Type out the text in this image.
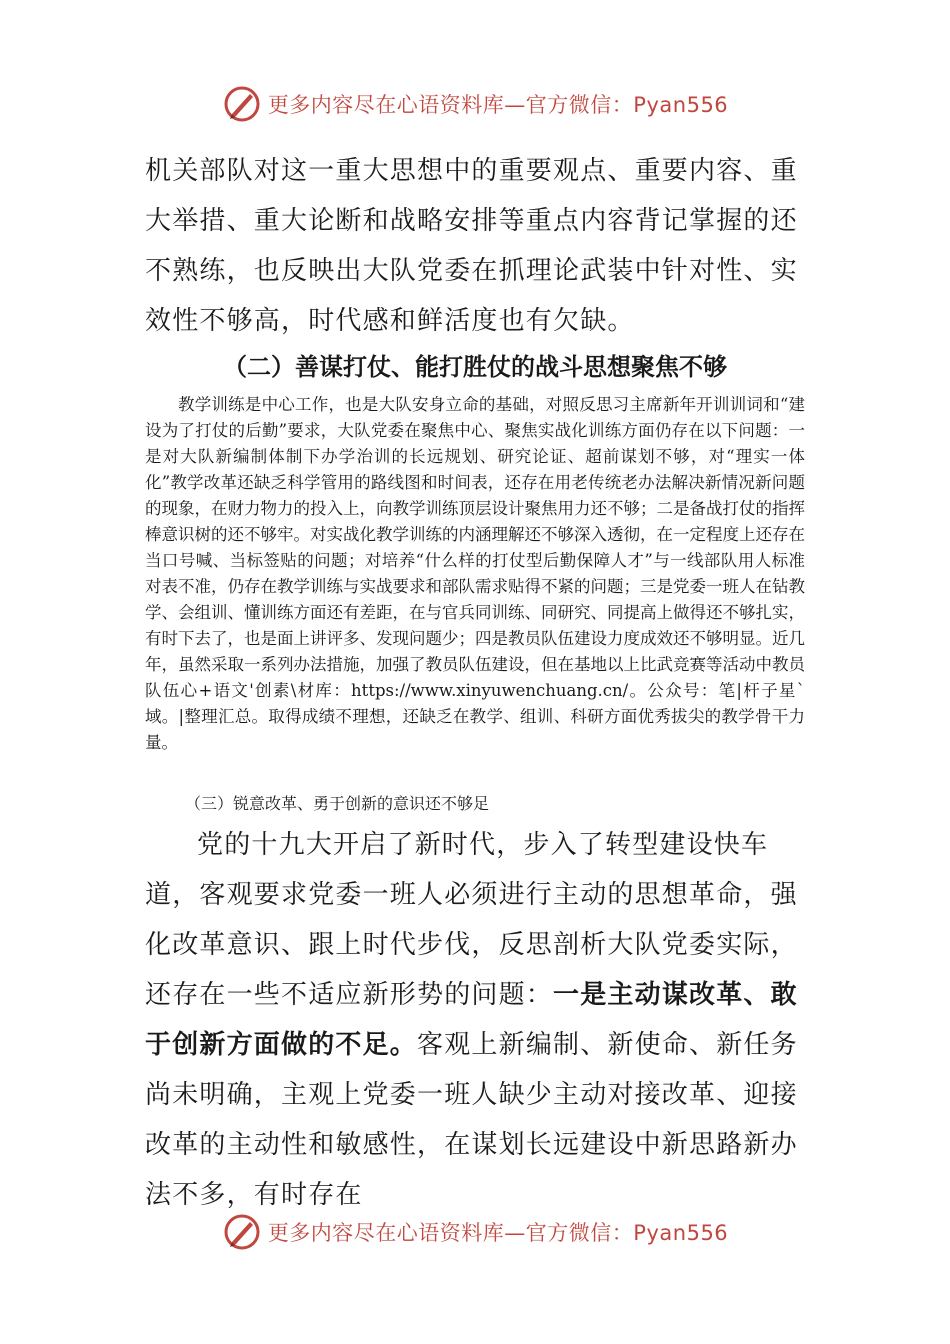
更多内容尽在心语资料库—官方微信：Pyan556

机关部队对这一重大思想中的重要观点、重要内容、重大举措、重大论断和战略安排等重点内容背记掌握的还不熟练，也反映出大队党委在抓理论武装中针对性、实效性不够高，时代感和鲜活度也有欠缺。

（二）善谋打仗、能打胜仗的战斗思想聚焦不够

教学训练是中心工作，也是大队安身立命的基础，对照反思习主席新年开训训词和“建设为了打仗的后勤”要求，大队党委在聚焦中心、聚焦实战化训练方面仍存在以下问题：一是对大队新编制体制下办学治训的长远规划、研究论证、超前谋划不够，对“理实一体化”教学改革还缺乏科学管用的路线图和时间表，还存在用老传统老办法解决新情况新问题的现象，在财力物力的投入上，向教学训练顶层设计聚焦用力还不够；二是备战打仗的指挥棒意识树的还不够牢。对实战化教学训练的内涵理解还不够深入透彻，在一定程度上还存在当口号喊、当标签贴的问题；对培养“什么样的打仗型后勤保障人才”与一线部队用人标准对表不准，仍存在教学训练与实战要求和部队需求贴得不紧的问题；三是党委一班人在钻教学、会组训、懂训练方面还有差距，在与官兵同训练、同研究、同提高上做得还不够扎实，有时下去了，也是面上讲评多、发现问题少；四是教员队伍建设力度成效还不够明显。近几年，虽然采取一系列办法措施，加强了教员队伍建设，但在基地以上比武竞赛等活动中教员队伍心+语文'创素\材库：https://www.xinyuwenchuang.cn/。公众号：笔|杆子星`域。|整理汇总。取得成绩不理想，还缺乏在教学、组训、科研方面优秀拔尖的教学骨干力量。

（三）锐意改革、勇于创新的意识还不够足

党的十九大开启了新时代，步入了转型建设快车道，客观要求党委一班人必须进行主动的思想革命，强化改革意识、跟上时代步伐，反思剖析大队党委实际，还存在一些不适应新形势的问题：一是主动谋改革、敢于创新方面做的不足。客观上新编制、新使命、新任务尚未明确，主观上党委一班人缺少主动对接改革、迎接改革的主动性和敏感性，在谋划长远建设中新思路新办法不多，有时存在

更多内容尽在心语资料库—官方微信：Pyan556
